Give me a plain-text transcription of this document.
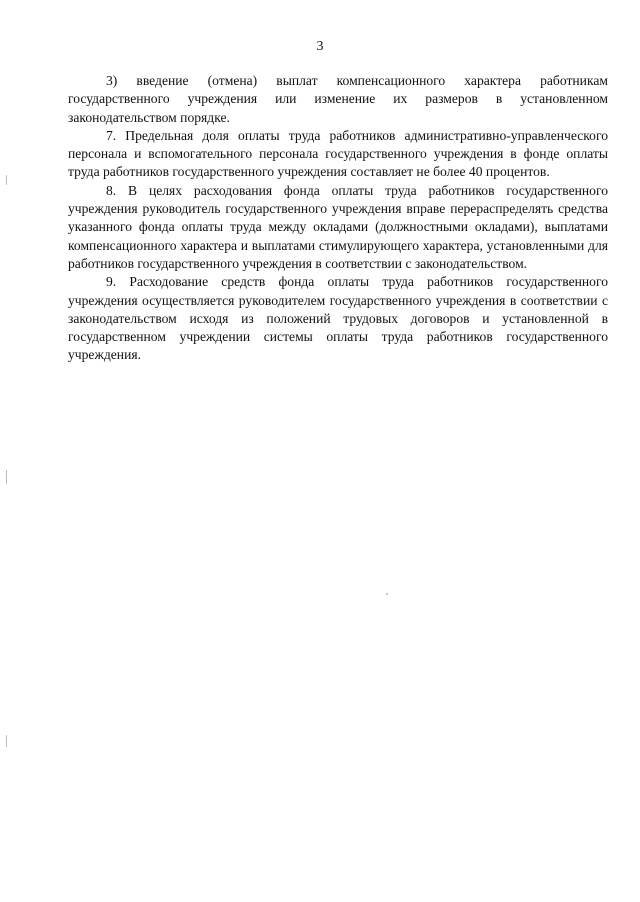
3

3) введение (отмена) выплат компенсационного характера работникам государственного учреждения или изменение их размеров в установленном законодательством порядке.

7. Предельная доля оплаты труда работников административно-управленческого персонала и вспомогательного персонала государственного учреждения в фонде оплаты труда работников государственного учреждения составляет не более 40 процентов.

8. В целях расходования фонда оплаты труда работников государственного учреждения руководитель государственного учреждения вправе перераспределять средства указанного фонда оплаты труда между окладами (должностными окладами), выплатами компенсационного характера и выплатами стимулирующего характера, установленными для работников государственного учреждения в соответствии с законодательством.

9. Расходование средств фонда оплаты труда работников государственного учреждения осуществляется руководителем государственного учреждения в соответствии с законодательством исходя из положений трудовых договоров и установленной в государственном учреждении системы оплаты труда работников государственного учреждения.
